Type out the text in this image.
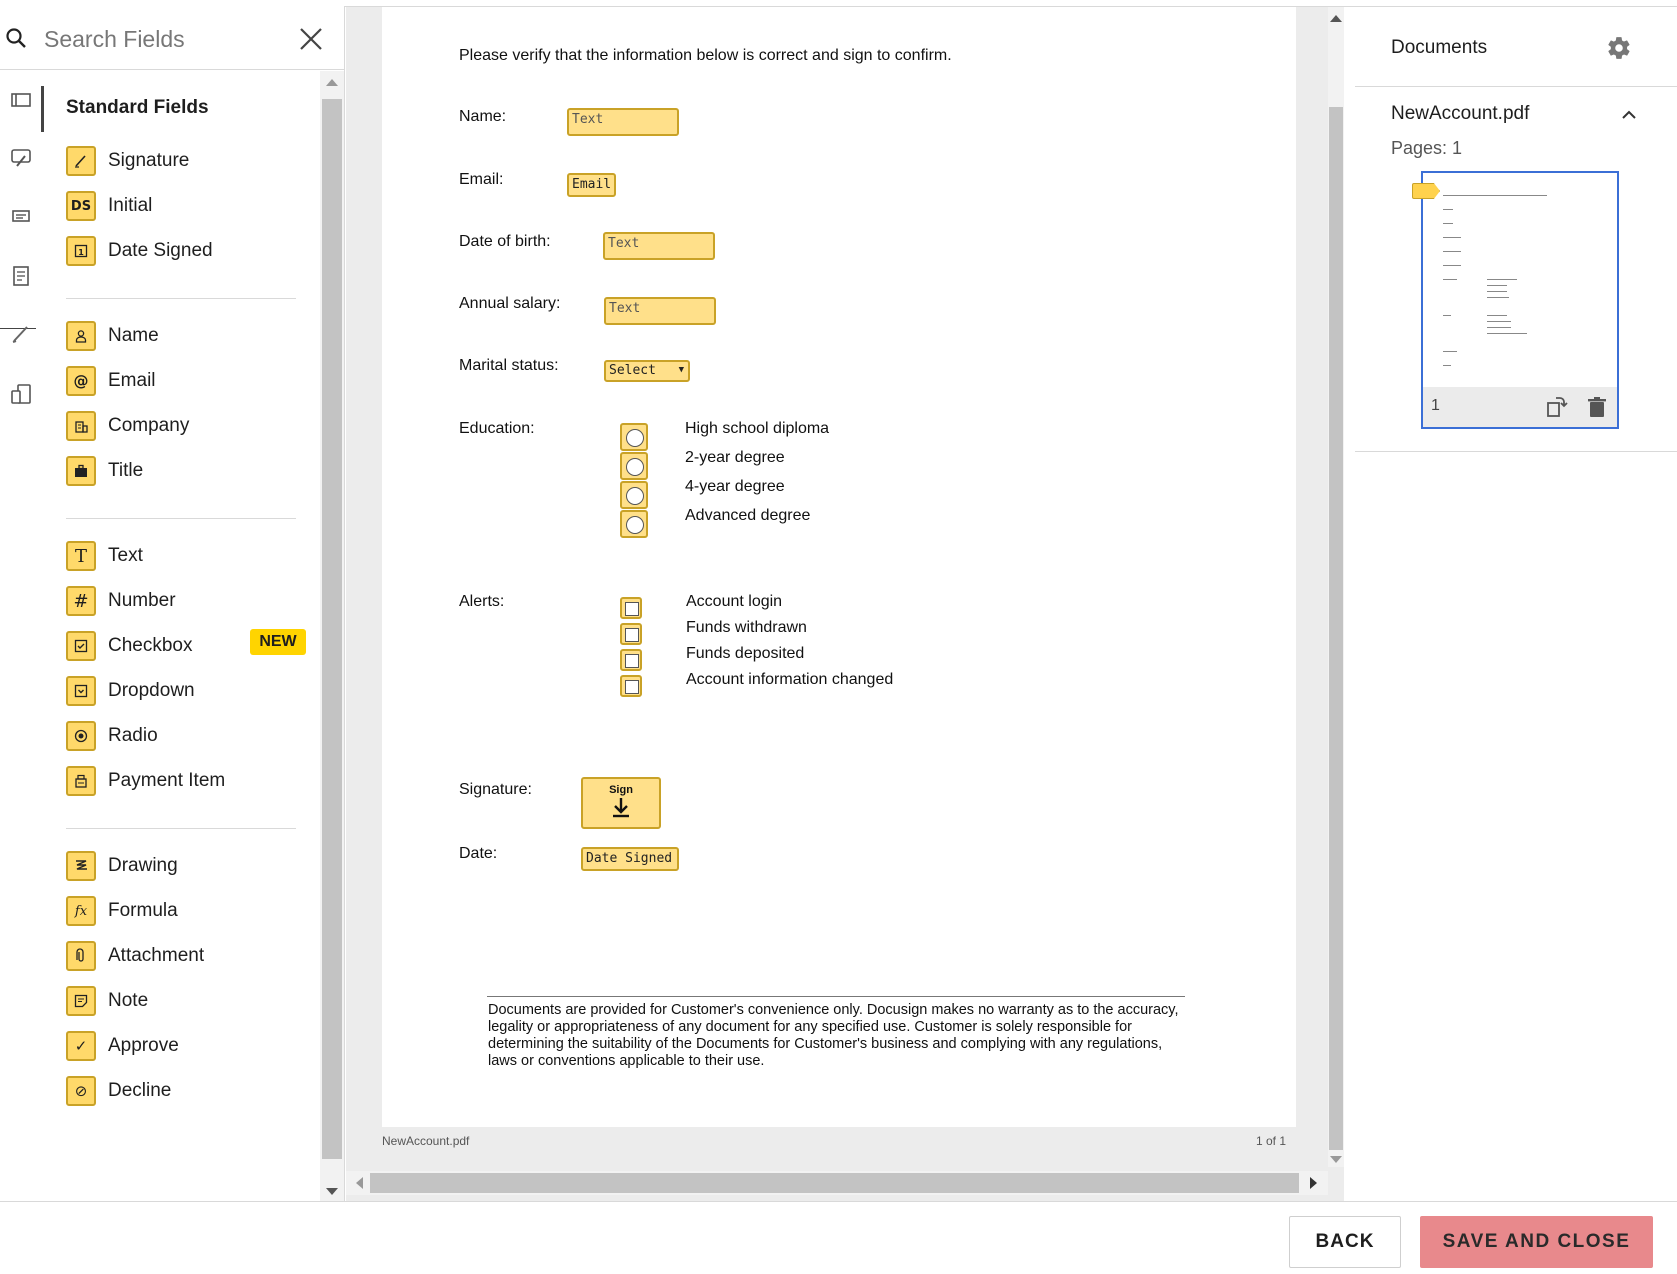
Search Fields
Standard Fields
Signature
DS Initial
1 Date Signed
Name
@	Email
Company
Title
T	Text
#	Number
Checkbox
Dropdown
Radio
Payment Item
Drawing
fx	Formula
Attachment
Note
✓	Approve
⊘	Decline
NEW
Please verify that the information below is correct and sign to confirm.
Name:	Text
Email:	Email
Date of birth:	Text
Annual salary:	Text
Marital status:	Select	▼
Education:	High school diploma
2-year degree
4-year degree
Advanced degree
Alerts:	Account login
Funds withdrawn
Funds deposited
Account information changed
Signature:	Sign
Date:	Date Signed
Documents are provided for Customer's convenience only. Docusign makes no warranty as to the accuracy, legality or appropriateness of any document for any specified use. Customer is solely responsible for determining the suitability of the Documents for Customer's business and complying with any regulations, laws or conventions applicable to their use.
NewAccount.pdf	1 of 1
Documents
NewAccount.pdf
Pages: 1
1
BACK	SAVE AND CLOSE
